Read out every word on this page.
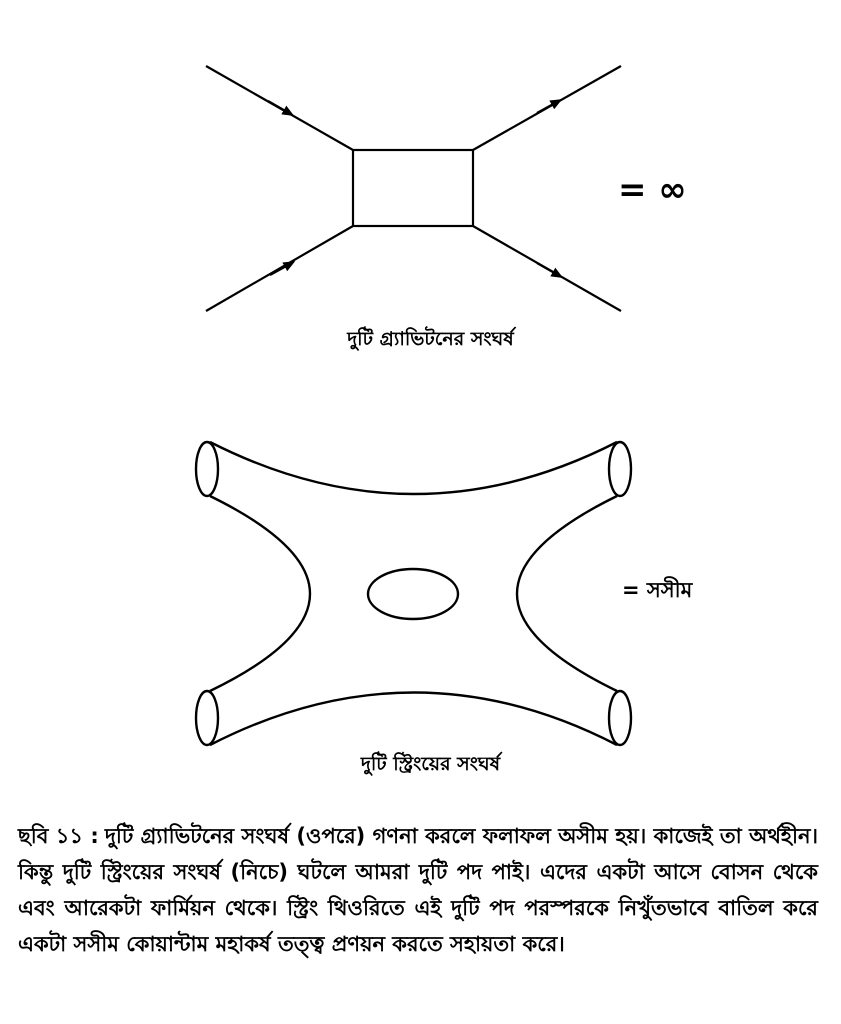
দুটি গ্র্যাভিটনের সংঘর্ষ
= ∞
= সসীম
দুটি স্ট্রিংয়ের সংঘর্ষ
ছবি ১১ : দুটি গ্র্যাভিটনের সংঘর্ষ (ওপরে) গণনা করলে ফলাফল অসীম হয়। কাজেই তা অর্থহীন। কিন্তু দুটি স্ট্রিংয়ের সংঘর্ষ (নিচে) ঘটলে আমরা দুটি পদ পাই। এদের একটা আসে বোসন থেকে এবং আরেকটা ফার্মিয়ন থেকে। স্ট্রিং থিওরিতে এই দুটি পদ পরস্পরকে নিখুঁতভাবে বাতিল করে একটা সসীম কোয়ান্টাম মহাকর্ষ তত্ত্ব প্রণয়ন করতে সহায়তা করে।
